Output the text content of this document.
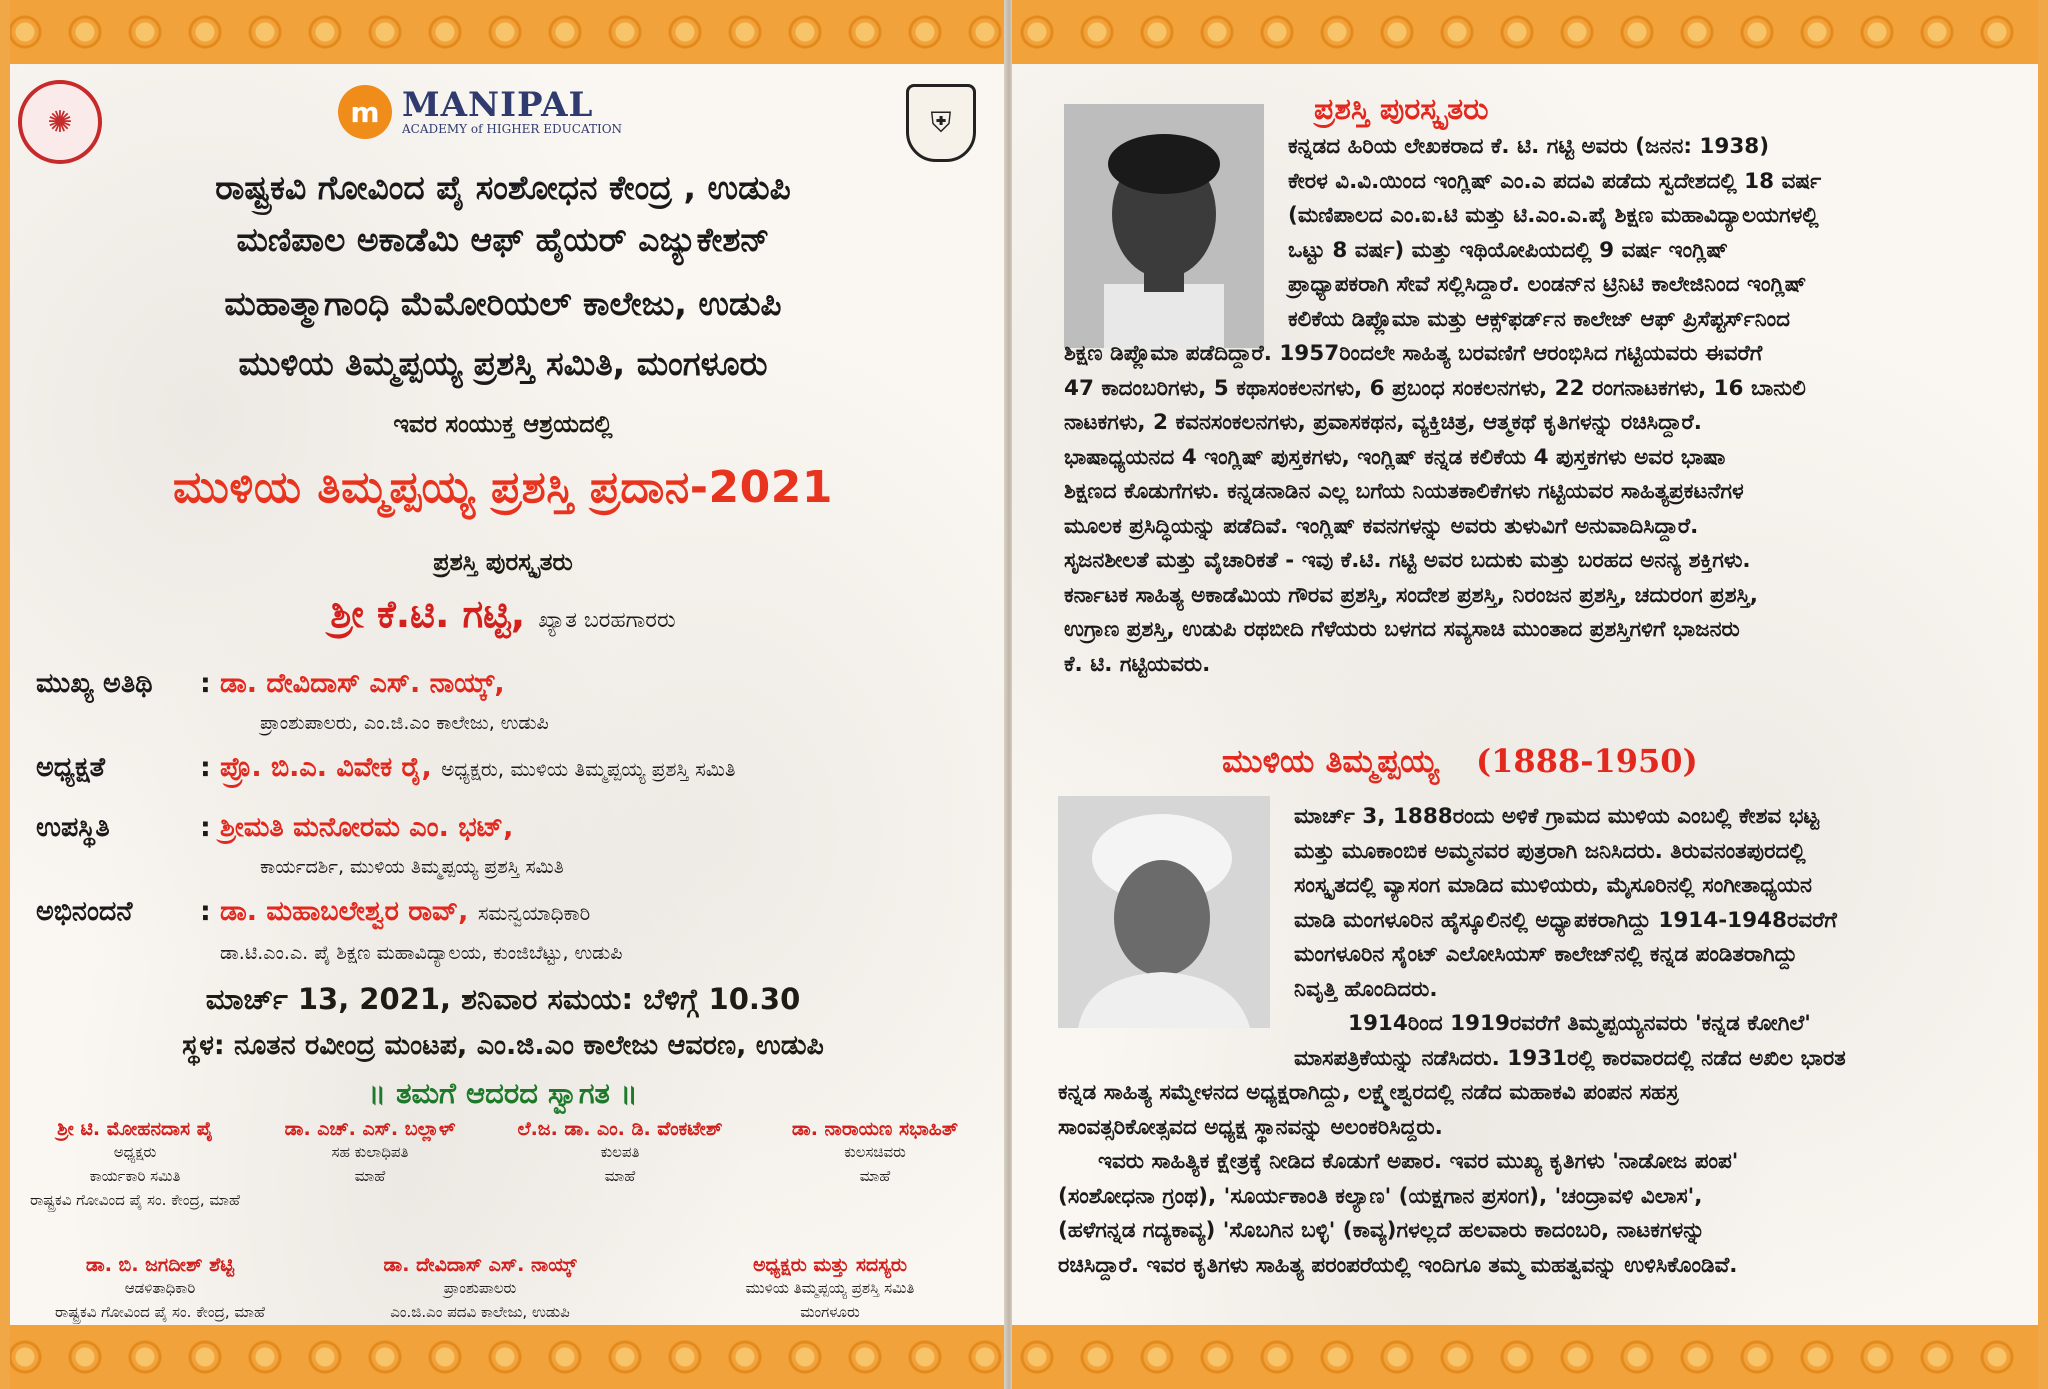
✺	m MANIPAL
ACADEMY of HIGHER EDUCATION	⛨
ರಾಷ್ಟ್ರಕವಿ ಗೋವಿಂದ ಪೈ ಸಂಶೋಧನ ಕೇಂದ್ರ , ಉಡುಪಿ
ಮಣಿಪಾಲ ಅಕಾಡೆಮಿ ಆಫ್ ಹೈಯರ್ ಎಜ್ಯುಕೇಶನ್
ಮಹಾತ್ಮಾಗಾಂಧಿ ಮೆಮೋರಿಯಲ್ ಕಾಲೇಜು, ಉಡುಪಿ
ಮುಳಿಯ ತಿಮ್ಮಪ್ಪಯ್ಯ ಪ್ರಶಸ್ತಿ ಸಮಿತಿ, ಮಂಗಳೂರು
ಇವರ ಸಂಯುಕ್ತ ಆಶ್ರಯದಲ್ಲಿ
ಮುಳಿಯ ತಿಮ್ಮಪ್ಪಯ್ಯ ಪ್ರಶಸ್ತಿ ಪ್ರದಾನ-2021
ಪ್ರಶಸ್ತಿ ಪುರಸ್ಕೃತರು
ಶ್ರೀ ಕೆ.ಟಿ. ಗಟ್ಟಿ, ಖ್ಯಾತ ಬರಹಗಾರರು
ಮುಖ್ಯ ಅತಿಥಿ : ಡಾ. ದೇವಿದಾಸ್ ಎಸ್. ನಾಯ್ಕ್,
ಪ್ರಾಂಶುಪಾಲರು, ಎಂ.ಜಿ.ಎಂ ಕಾಲೇಜು, ಉಡುಪಿ
ಅಧ್ಯಕ್ಷತೆ	: ಪ್ರೊ. ಬಿ.ಎ. ವಿವೇಕ ರೈ, ಅಧ್ಯಕ್ಷರು, ಮುಳಿಯ ತಿಮ್ಮಪ್ಪಯ್ಯ ಪ್ರಶಸ್ತಿ ಸಮಿತಿ
ಉಪಸ್ಥಿತಿ	: ಶ್ರೀಮತಿ ಮನೋರಮ ಎಂ. ಭಟ್,
ಕಾರ್ಯದರ್ಶಿ, ಮುಳಿಯ ತಿಮ್ಮಪ್ಪಯ್ಯ ಪ್ರಶಸ್ತಿ ಸಮಿತಿ
ಅಭಿನಂದನೆ	: ಡಾ. ಮಹಾಬಲೇಶ್ವರ ರಾವ್, ಸಮನ್ವಯಾಧಿಕಾರಿ
ಡಾ.ಟಿ.ಎಂ.ಎ. ಪೈ ಶಿಕ್ಷಣ ಮಹಾವಿದ್ಯಾಲಯ, ಕುಂಜಿಬೆಟ್ಟು, ಉಡುಪಿ
ಮಾರ್ಚ್ 13, 2021, ಶನಿವಾರ ಸಮಯ: ಬೆಳಿಗ್ಗೆ 10.30
ಸ್ಥಳ: ನೂತನ ರವೀಂದ್ರ ಮಂಟಪ, ಎಂ.ಜಿ.ಎಂ ಕಾಲೇಜು ಆವರಣ, ಉಡುಪಿ
॥ ತಮಗೆ ಆದರದ ಸ್ವಾಗತ ॥
ಶ್ರೀ ಟಿ. ಮೋಹನದಾಸ ಪೈ
ಅಧ್ಯಕ್ಷರು
ಕಾರ್ಯಕಾರಿ ಸಮಿತಿ
ರಾಷ್ಟ್ರಕವಿ ಗೋವಿಂದ ಪೈ ಸಂ. ಕೇಂದ್ರ, ಮಾಹೆ
ಡಾ. ಎಚ್. ಎಸ್. ಬಲ್ಲಾಳ್
ಸಹ ಕುಲಾಧಿಪತಿ
ಮಾಹೆ
ಲೆ.ಜ. ಡಾ. ಎಂ. ಡಿ. ವೆಂಕಟೇಶ್
ಕುಲಪತಿ
ಮಾಹೆ
ಡಾ. ನಾರಾಯಣ ಸಭಾಹಿತ್
ಕುಲಸಚಿವರು
ಮಾಹೆ
ಡಾ. ಬಿ. ಜಗದೀಶ್ ಶೆಟ್ಟಿ
ಆಡಳಿತಾಧಿಕಾರಿ
ರಾಷ್ಟ್ರಕವಿ ಗೋವಿಂದ ಪೈ ಸಂ. ಕೇಂದ್ರ, ಮಾಹೆ
ಡಾ. ದೇವಿದಾಸ್ ಎಸ್. ನಾಯ್ಕ್
ಪ್ರಾಂಶುಪಾಲರು
ಎಂ.ಜಿ.ಎಂ ಪದವಿ ಕಾಲೇಜು, ಉಡುಪಿ
ಅಧ್ಯಕ್ಷರು ಮತ್ತು ಸದಸ್ಯರು
ಮುಳಿಯ ತಿಮ್ಮಪ್ಪಯ್ಯ ಪ್ರಶಸ್ತಿ ಸಮಿತಿ
ಮಂಗಳೂರು
ಪ್ರಶಸ್ತಿ ಪುರಸ್ಕೃತರು

ಕನ್ನಡದ ಹಿರಿಯ ಲೇಖಕರಾದ ಕೆ. ಟಿ. ಗಟ್ಟಿ ಅವರು (ಜನನ: 1938)

ಕೇರಳ ವಿ.ವಿ.ಯಿಂದ ಇಂಗ್ಲಿಷ್ ಎಂ.ಎ ಪದವಿ ಪಡೆದು ಸ್ವದೇಶದಲ್ಲಿ 18 ವರ್ಷ

(ಮಣಿಪಾಲದ ಎಂ.ಐ.ಟಿ ಮತ್ತು ಟಿ.ಎಂ.ಎ.ಪೈ ಶಿಕ್ಷಣ ಮಹಾವಿದ್ಯಾಲಯಗಳಲ್ಲಿ

ಒಟ್ಟು 8 ವರ್ಷ) ಮತ್ತು ಇಥಿಯೋಪಿಯದಲ್ಲಿ 9 ವರ್ಷ ಇಂಗ್ಲಿಷ್

ಪ್ರಾಧ್ಯಾಪಕರಾಗಿ ಸೇವೆ ಸಲ್ಲಿಸಿದ್ದಾರೆ. ಲಂಡನ್‌ನ ಟ್ರಿನಿಟಿ ಕಾಲೇಜಿನಿಂದ ಇಂಗ್ಲಿಷ್

ಕಲಿಕೆಯ ಡಿಪ್ಲೊಮಾ ಮತ್ತು ಆಕ್ಸ್‌ಫರ್ಡ್‌ನ ಕಾಲೇಜ್ ಆಫ್ ಪ್ರಿಸೆಪ್ಟರ್ಸ್‌ನಿಂದ

ಶಿಕ್ಷಣ ಡಿಪ್ಲೊಮಾ ಪಡೆದಿದ್ದಾರೆ. 1957ರಿಂದಲೇ ಸಾಹಿತ್ಯ ಬರವಣಿಗೆ ಆರಂಭಿಸಿದ ಗಟ್ಟಿಯವರು ಈವರೆಗೆ

47 ಕಾದಂಬರಿಗಳು, 5 ಕಥಾಸಂಕಲನಗಳು, 6 ಪ್ರಬಂಧ ಸಂಕಲನಗಳು, 22 ರಂಗನಾಟಕಗಳು, 16 ಬಾನುಲಿ

ನಾಟಕಗಳು, 2 ಕವನಸಂಕಲನಗಳು, ಪ್ರವಾಸಕಥನ, ವ್ಯಕ್ತಿಚಿತ್ರ, ಆತ್ಮಕಥೆ ಕೃತಿಗಳನ್ನು ರಚಿಸಿದ್ದಾರೆ.

ಭಾಷಾಧ್ಯಯನದ 4 ಇಂಗ್ಲಿಷ್ ಪುಸ್ತಕಗಳು, ಇಂಗ್ಲಿಷ್ ಕನ್ನಡ ಕಲಿಕೆಯ 4 ಪುಸ್ತಕಗಳು ಅವರ ಭಾಷಾ

ಶಿಕ್ಷಣದ ಕೊಡುಗೆಗಳು. ಕನ್ನಡನಾಡಿನ ಎಲ್ಲ ಬಗೆಯ ನಿಯತಕಾಲಿಕೆಗಳು ಗಟ್ಟಿಯವರ ಸಾಹಿತ್ಯಪ್ರಕಟನೆಗಳ

ಮೂಲಕ ಪ್ರಸಿದ್ಧಿಯನ್ನು ಪಡೆದಿವೆ. ಇಂಗ್ಲಿಷ್ ಕವನಗಳನ್ನು ಅವರು ತುಳುವಿಗೆ ಅನುವಾದಿಸಿದ್ದಾರೆ.

ಸೃಜನಶೀಲತೆ ಮತ್ತು ವೈಚಾರಿಕತೆ - ಇವು ಕೆ.ಟಿ. ಗಟ್ಟಿ ಅವರ ಬದುಕು ಮತ್ತು ಬರಹದ ಅನನ್ಯ ಶಕ್ತಿಗಳು.

ಕರ್ನಾಟಕ ಸಾಹಿತ್ಯ ಅಕಾಡೆಮಿಯ ಗೌರವ ಪ್ರಶಸ್ತಿ, ಸಂದೇಶ ಪ್ರಶಸ್ತಿ, ನಿರಂಜನ ಪ್ರಶಸ್ತಿ, ಚದುರಂಗ ಪ್ರಶಸ್ತಿ,

ಉಗ್ರಾಣ ಪ್ರಶಸ್ತಿ, ಉಡುಪಿ ರಥಬೀದಿ ಗೆಳೆಯರು ಬಳಗದ ಸವ್ಯಸಾಚಿ ಮುಂತಾದ ಪ್ರಶಸ್ತಿಗಳಿಗೆ ಭಾಜನರು

ಕೆ. ಟಿ. ಗಟ್ಟಿಯವರು.

ಮುಳಿಯ ತಿಮ್ಮಪ್ಪಯ್ಯ (1888-1950)

ಮಾರ್ಚ್ 3, 1888ರಂದು ಅಳಿಕೆ ಗ್ರಾಮದ ಮುಳಿಯ ಎಂಬಲ್ಲಿ ಕೇಶವ ಭಟ್ಟ

ಮತ್ತು ಮೂಕಾಂಬಿಕ ಅಮ್ಮನವರ ಪುತ್ರರಾಗಿ ಜನಿಸಿದರು. ತಿರುವನಂತಪುರದಲ್ಲಿ

ಸಂಸ್ಕೃತದಲ್ಲಿ ವ್ಯಾಸಂಗ ಮಾಡಿದ ಮುಳಿಯರು, ಮೈಸೂರಿನಲ್ಲಿ ಸಂಗೀತಾಧ್ಯಯನ

ಮಾಡಿ ಮಂಗಳೂರಿನ ಹೈಸ್ಕೂಲಿನಲ್ಲಿ ಅಧ್ಯಾಪಕರಾಗಿದ್ದು 1914-1948ರವರೆಗೆ

ಮಂಗಳೂರಿನ ಸೈಂಟ್ ಎಲೋಸಿಯಸ್ ಕಾಲೇಜ್‌ನಲ್ಲಿ ಕನ್ನಡ ಪಂಡಿತರಾಗಿದ್ದು

ನಿವೃತ್ತಿ ಹೊಂದಿದರು.

1914ರಿಂದ 1919ರವರೆಗೆ ತಿಮ್ಮಪ್ಪಯ್ಯನವರು 'ಕನ್ನಡ ಕೋಗಿಲೆ'

ಮಾಸಪತ್ರಿಕೆಯನ್ನು ನಡೆಸಿದರು. 1931ರಲ್ಲಿ ಕಾರವಾರದಲ್ಲಿ ನಡೆದ ಅಖಿಲ ಭಾರತ

ಕನ್ನಡ ಸಾಹಿತ್ಯ ಸಮ್ಮೇಳನದ ಅಧ್ಯಕ್ಷರಾಗಿದ್ದು, ಲಕ್ಷ್ಮೇಶ್ವರದಲ್ಲಿ ನಡೆದ ಮಹಾಕವಿ ಪಂಪನ ಸಹಸ್ರ

ಸಾಂವತ್ಸರಿಕೋತ್ಸವದ ಅಧ್ಯಕ್ಷ ಸ್ಥಾನವನ್ನು ಅಲಂಕರಿಸಿದ್ದರು.

ಇವರು ಸಾಹಿತ್ಯಿಕ ಕ್ಷೇತ್ರಕ್ಕೆ ನೀಡಿದ ಕೊಡುಗೆ ಅಪಾರ. ಇವರ ಮುಖ್ಯ ಕೃತಿಗಳು 'ನಾಡೋಜ ಪಂಪ'

(ಸಂಶೋಧನಾ ಗ್ರಂಥ), 'ಸೂರ್ಯಕಾಂತಿ ಕಲ್ಯಾಣ' (ಯಕ್ಷಗಾನ ಪ್ರಸಂಗ), 'ಚಂದ್ರಾವಳಿ ವಿಲಾಸ',

(ಹಳೆಗನ್ನಡ ಗದ್ಯಕಾವ್ಯ) 'ಸೊಬಗಿನ ಬಳ್ಳಿ' (ಕಾವ್ಯ)ಗಳಲ್ಲದೆ ಹಲವಾರು ಕಾದಂಬರಿ, ನಾಟಕಗಳನ್ನು

ರಚಿಸಿದ್ದಾರೆ. ಇವರ ಕೃತಿಗಳು ಸಾಹಿತ್ಯ ಪರಂಪರೆಯಲ್ಲಿ ಇಂದಿಗೂ ತಮ್ಮ ಮಹತ್ವವನ್ನು ಉಳಿಸಿಕೊಂಡಿವೆ.
